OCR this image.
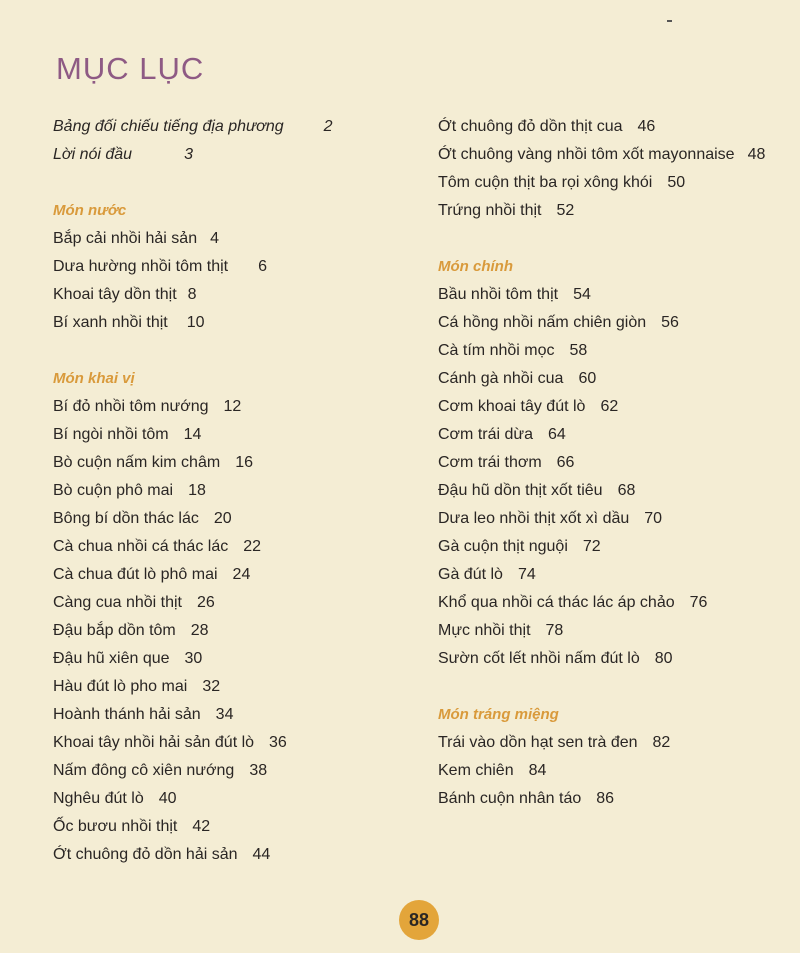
MỤC LỤC
Bảng đối chiếu tiếng địa phương	2
Lời nói đầu	3
Món nước
Bắp cải nhồi hải sản 4
Dưa hường nhồi tôm thịt 6
Khoai tây dồn thịt 8
Bí xanh nhồi thịt 10
Món khai vị
Bí đỏ nhồi tôm nướng 12
Bí ngòi nhồi tôm 14
Bò cuộn nấm kim châm 16
Bò cuộn phô mai 18
Bông bí dồn thác lác 20
Cà chua nhồi cá thác lác 22
Cà chua đút lò phô mai 24
Càng cua nhồi thịt 26
Đậu bắp dồn tôm 28
Đậu hũ xiên que 30
Hàu đút lò pho mai 32
Hoành thánh hải sản 34
Khoai tây nhồi hải sản đút lò 36
Nấm đông cô xiên nướng 38
Nghêu đút lò 40
Ốc bươu nhồi thịt 42
Ớt chuông đỏ dồn hải sản 44
Ớt chuông đỏ dồn thịt cua 46
Ớt chuông vàng nhồi tôm xốt mayonnaise 48
Tôm cuộn thịt ba rọi xông khói 50
Trứng nhồi thịt 52
Món chính
Bầu nhồi tôm thịt 54
Cá hồng nhồi nấm chiên giòn 56
Cà tím nhồi mọc 58
Cánh gà nhồi cua 60
Cơm khoai tây đút lò 62
Cơm trái dừa 64
Cơm trái thơm 66
Đậu hũ dồn thịt xốt tiêu 68
Dưa leo nhồi thịt xốt xì dầu 70
Gà cuộn thịt nguội 72
Gà đút lò 74
Khổ qua nhồi cá thác lác áp chảo 76
Mực nhồi thịt 78
Sườn cốt lết nhồi nấm đút lò 80
Món tráng miệng
Trái vào dồn hạt sen trà đen 82
Kem chiên 84
Bánh cuộn nhân táo 86
88
